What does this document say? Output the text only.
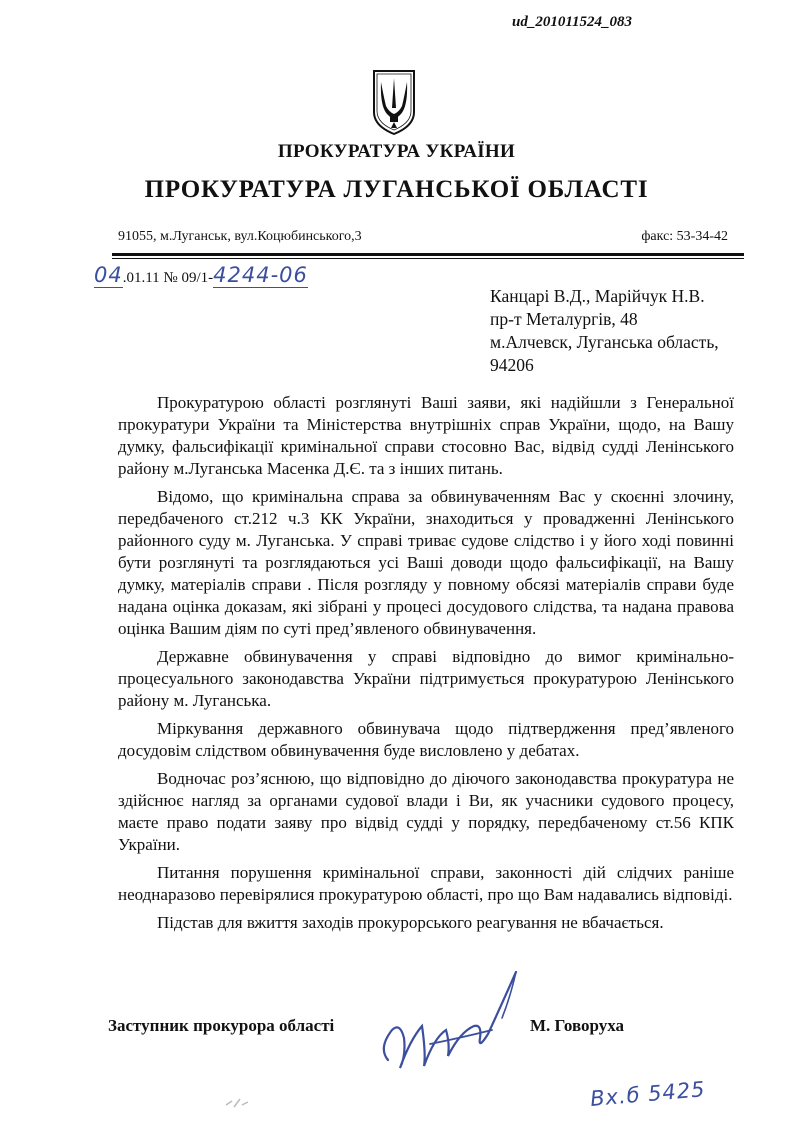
ud_201011524_083
ПРОКУРАТУРА УКРАЇНИ
ПРОКУРАТУРА ЛУГАНСЬКОЇ ОБЛАСТІ
91055, м.Луганськ, вул.Коцюбинського,3	факс: 53-34-42
04.01.11 № 09/1-4244-06
Канцарі В.Д., Марійчук Н.В.
пр-т Металургів, 48
м.Алчевск, Луганська область,
94206

Прокуратурою області розглянуті Ваші заяви, які надійшли з Генеральної прокуратури України та Міністерства внутрішніх справ України, щодо, на Вашу думку, фальсифікації кримінальної справи стосовно Вас, відвід судді Ленінського району м.Луганська Масенка Д.Є. та з інших питань.

Відомо, що кримінальна справа за обвинуваченням Вас у скоєнні злочину, передбаченого ст.212 ч.3 КК України, знаходиться у провадженні Ленінського районного суду м. Луганська. У справі триває судове слідство і у його ході повинні бути розглянуті та розглядаються усі Ваші доводи щодо фальсифікації, на Вашу думку, матеріалів справи . Після розгляду у повному обсязі матеріалів справи буде надана оцінка доказам, які зібрані у процесі досудового слідства, та надана правова оцінка Вашим діям по суті пред’явленого обвинувачення.

Державне обвинувачення у справі відповідно до вимог кримінально-процесуального законодавства України підтримується прокуратурою Ленінського району м. Луганська.

Міркування державного обвинувача щодо підтвердження пред’явленого досудовім слідством обвинувачення буде висловлено у дебатах.

Водночас роз’яснюю, що відповідно до діючого законодавства прокуратура не здійснює нагляд за органами судової влади і Ви, як учасники судового процесу, маєте право подати заяву про відвід судді у порядку, передбаченому ст.56 КПК України.

Питання порушення кримінальної справи, законності дій слідчих раніше неоднаразово перевірялися прокуратурою області, про що Вам надавались відповіді.

Підстав для вжиття заходів прокурорського реагування не вбачається.

Заступник прокурора області	М. Говоруха
Вх.б 5425
